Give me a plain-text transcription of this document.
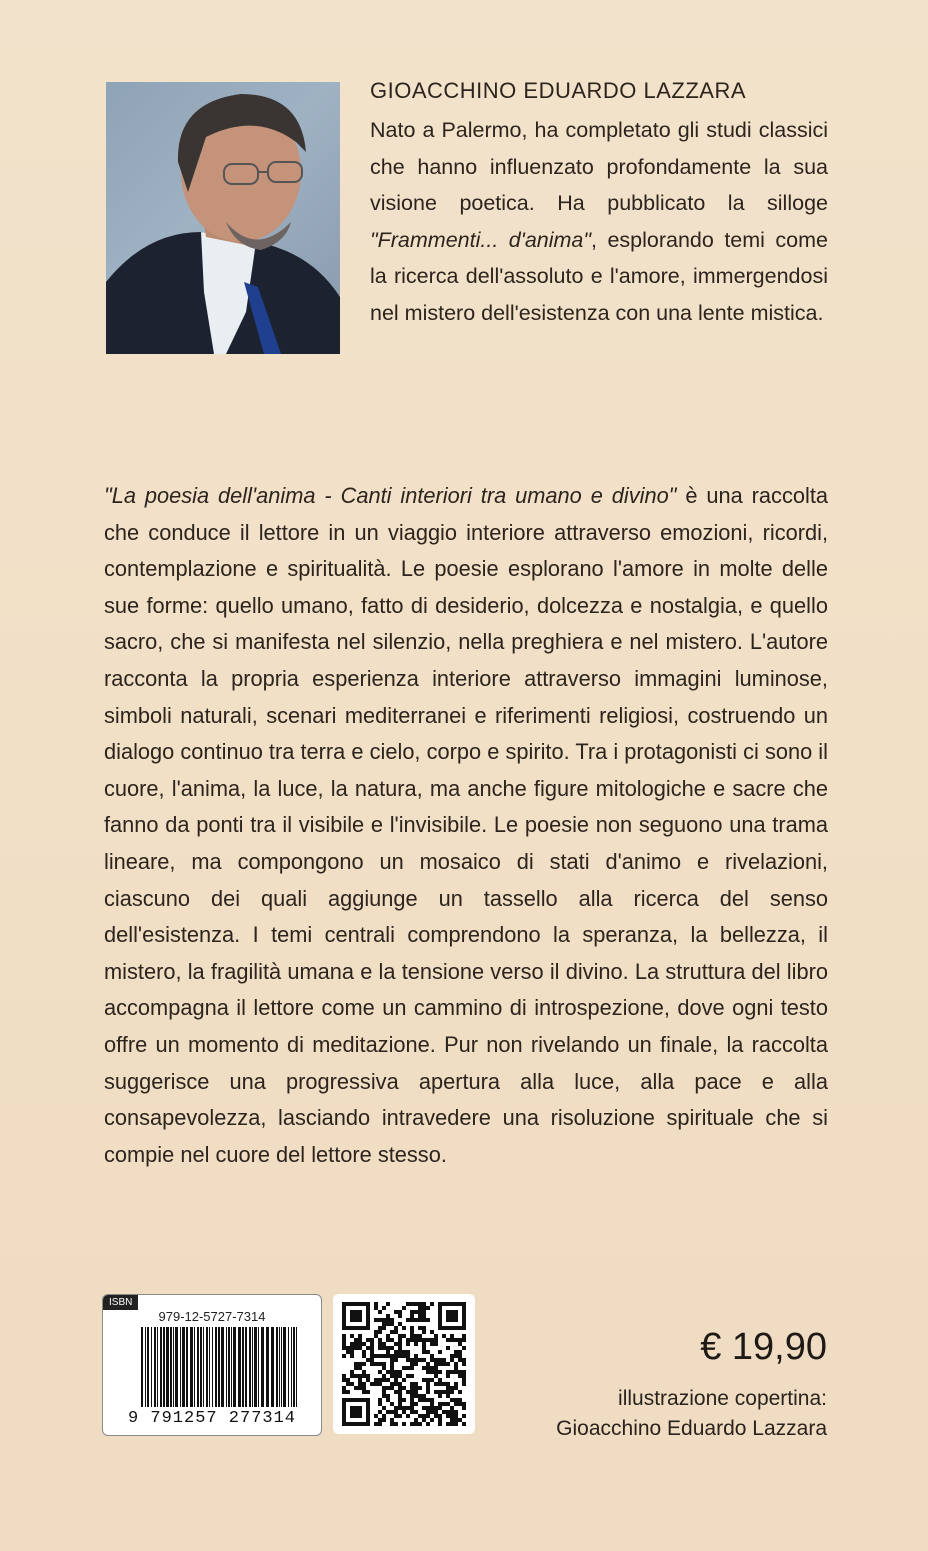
GIOACCHINO EDUARDO LAZZARA
Nato a Palermo, ha completato gli studi classici che hanno influenzato profondamente la sua visione poetica. Ha pubblicato la silloge "Frammenti... d'anima", esplorando temi come la ricerca dell'assoluto e l'amore, immergendosi nel mistero dell'esistenza con una lente mistica.
"La poesia dell'anima - Canti interiori tra umano e divino" è una raccolta che conduce il lettore in un viaggio interiore attraverso emozioni, ricordi, contemplazione e spiritualità. Le poesie esplorano l'amore in molte delle sue forme: quello umano, fatto di desiderio, dolcezza e nostalgia, e quello sacro, che si manifesta nel silenzio, nella preghiera e nel mistero. L'autore racconta la propria esperienza interiore attraverso immagini luminose, simboli naturali, scenari mediterranei e riferimenti religiosi, costruendo un dialogo continuo tra terra e cielo, corpo e spirito. Tra i protagonisti ci sono il cuore, l'anima, la luce, la natura, ma anche figure mitologiche e sacre che fanno da ponti tra il visibile e l'invisibile. Le poesie non seguono una trama lineare, ma compongono un mosaico di stati d'animo e rivelazioni, ciascuno dei quali aggiunge un tassello alla ricerca del senso dell'esistenza. I temi centrali comprendono la speranza, la bellezza, il mistero, la fragilità umana e la tensione verso il divino. La struttura del libro accompagna il lettore come un cammino di introspezione, dove ogni testo offre un momento di meditazione. Pur non rivelando un finale, la raccolta suggerisce una progressiva apertura alla luce, alla pace e alla consapevolezza, lasciando intravedere una risoluzione spirituale che si compie nel cuore del lettore stesso.
ISBN
979-12-5727-7314
9 791257 277314
€ 19,90
illustrazione copertina:
Gioacchino Eduardo Lazzara
